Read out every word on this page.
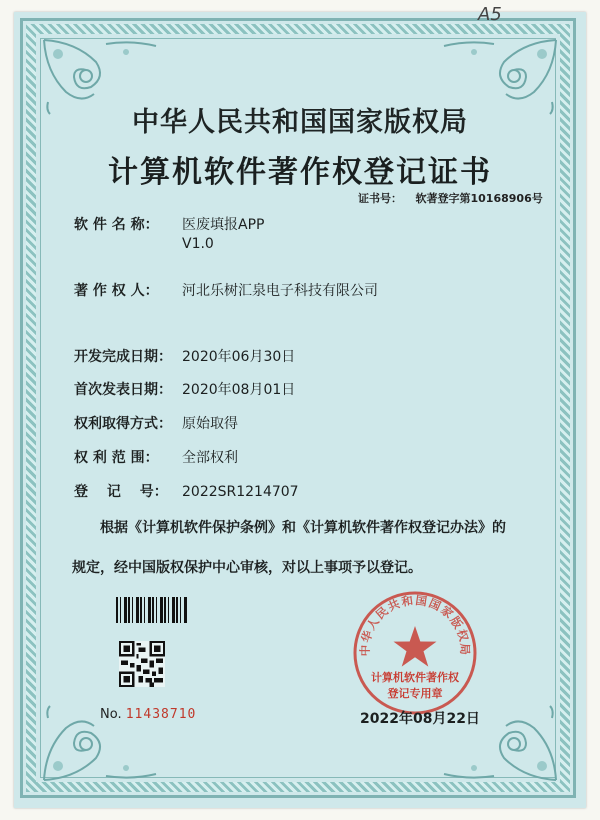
A5
中华人民共和国国家版权局
计算机软件著作权登记证书
证书号： 软著登字第10168906号
软 件 名 称： 医废填报APP
V1.0
著 作 权 人： 河北乐树汇泉电子科技有限公司
开发完成日期： 2020年06月30日
首次发表日期： 2020年08月01日
权利取得方式： 原始取得
权 利 范 围： 全部权利
登　 记　 号： 2022SR1214707
根据《计算机软件保护条例》和《计算机软件著作权登记办法》的
规定，经中国版权保护中心审核，对以上事项予以登记。
No. 11438710
中华人民共和国国家版权局
计算机软件著作权
登记专用章
2022年08月22日
